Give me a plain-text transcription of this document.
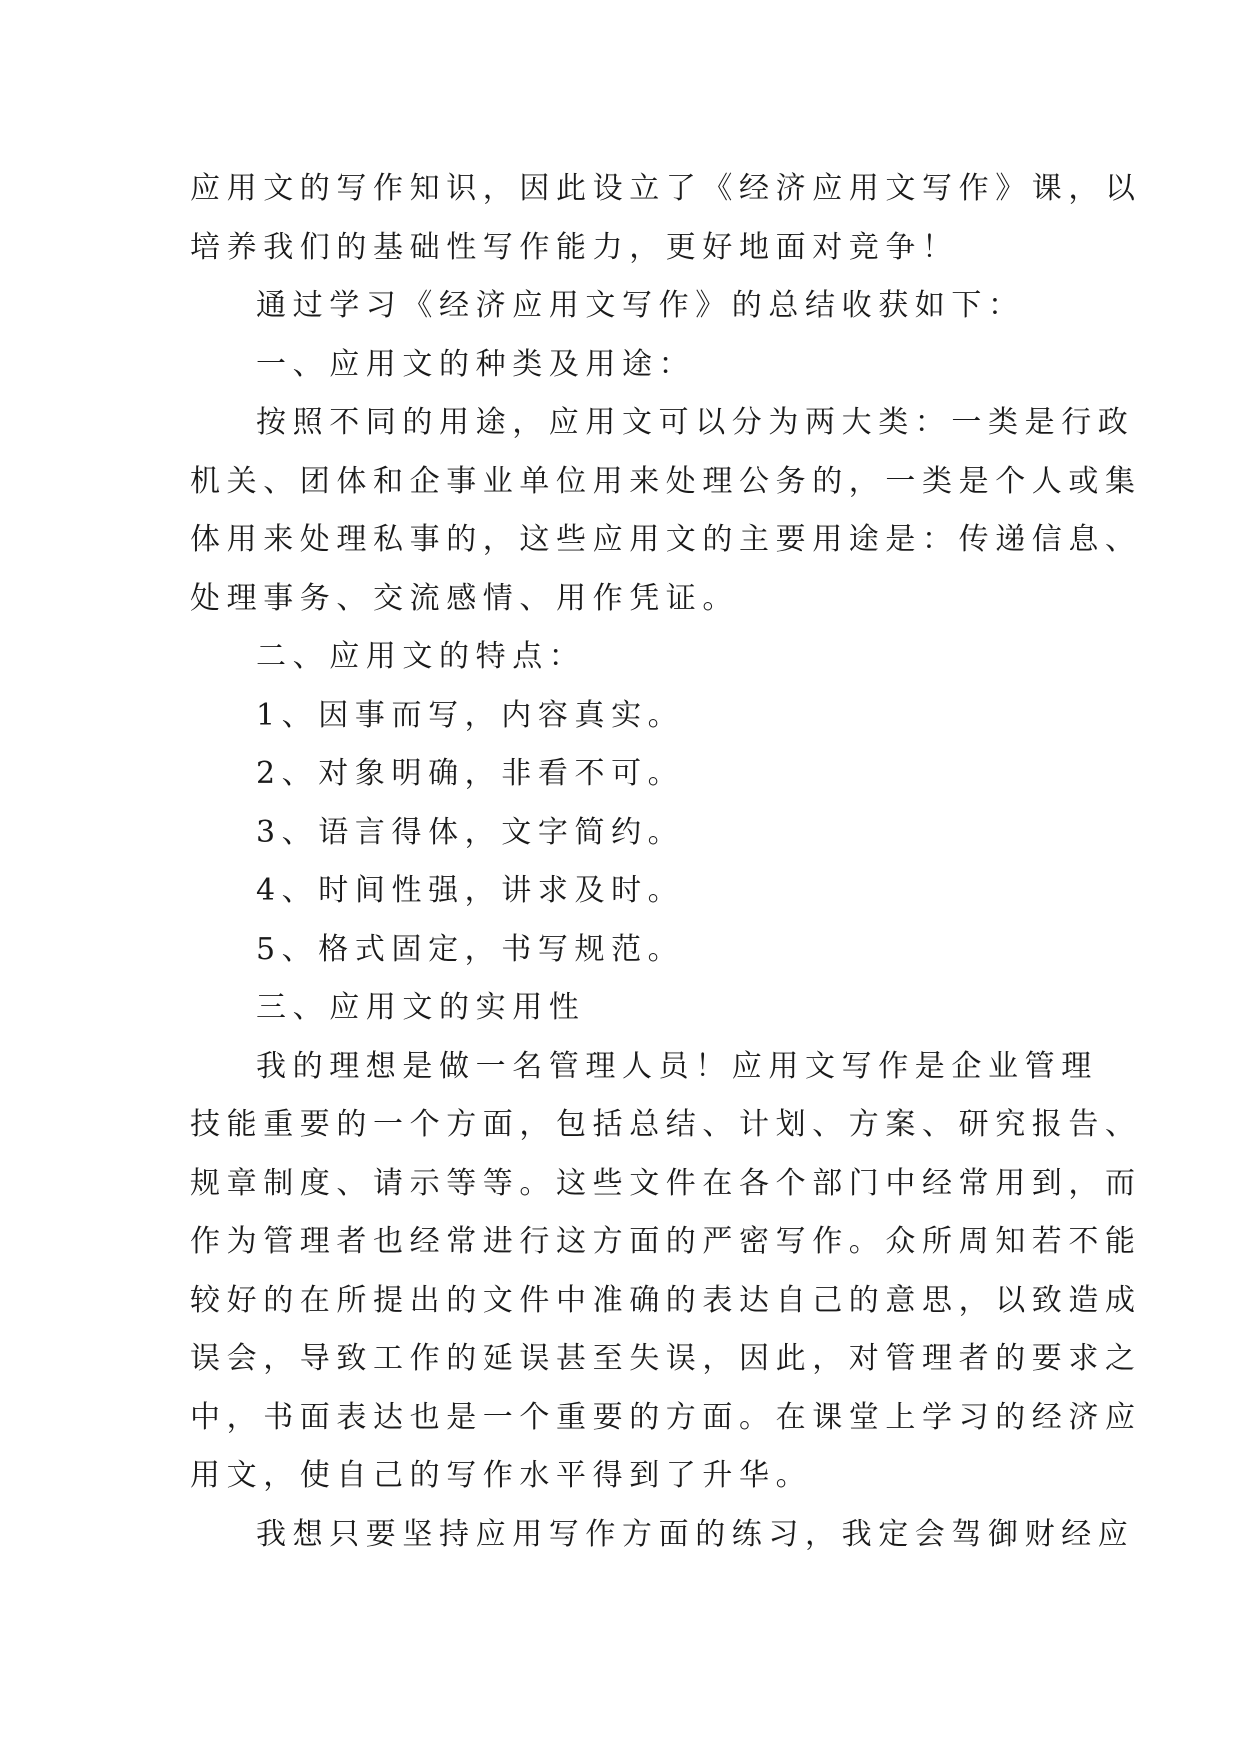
应用文的写作知识，因此设立了《经济应用文写作》课，以
培养我们的基础性写作能力，更好地面对竞争！
通过学习《经济应用文写作》的总结收获如下：
一、应用文的种类及用途：
按照不同的用途，应用文可以分为两大类：一类是行政
机关、团体和企事业单位用来处理公务的，一类是个人或集
体用来处理私事的，这些应用文的主要用途是：传递信息、
处理事务、交流感情、用作凭证。
二、应用文的特点：
1、因事而写，内容真实。
2、对象明确，非看不可。
3、语言得体，文字简约。
4、时间性强，讲求及时。
5、格式固定，书写规范。
三、应用文的实用性
我的理想是做一名管理人员！应用文写作是企业管理
技能重要的一个方面，包括总结、计划、方案、研究报告、
规章制度、请示等等。这些文件在各个部门中经常用到，而
作为管理者也经常进行这方面的严密写作。众所周知若不能
较好的在所提出的文件中准确的表达自己的意思，以致造成
误会，导致工作的延误甚至失误，因此，对管理者的要求之
中，书面表达也是一个重要的方面。在课堂上学习的经济应
用文，使自己的写作水平得到了升华。
我想只要坚持应用写作方面的练习，我定会驾御财经应
